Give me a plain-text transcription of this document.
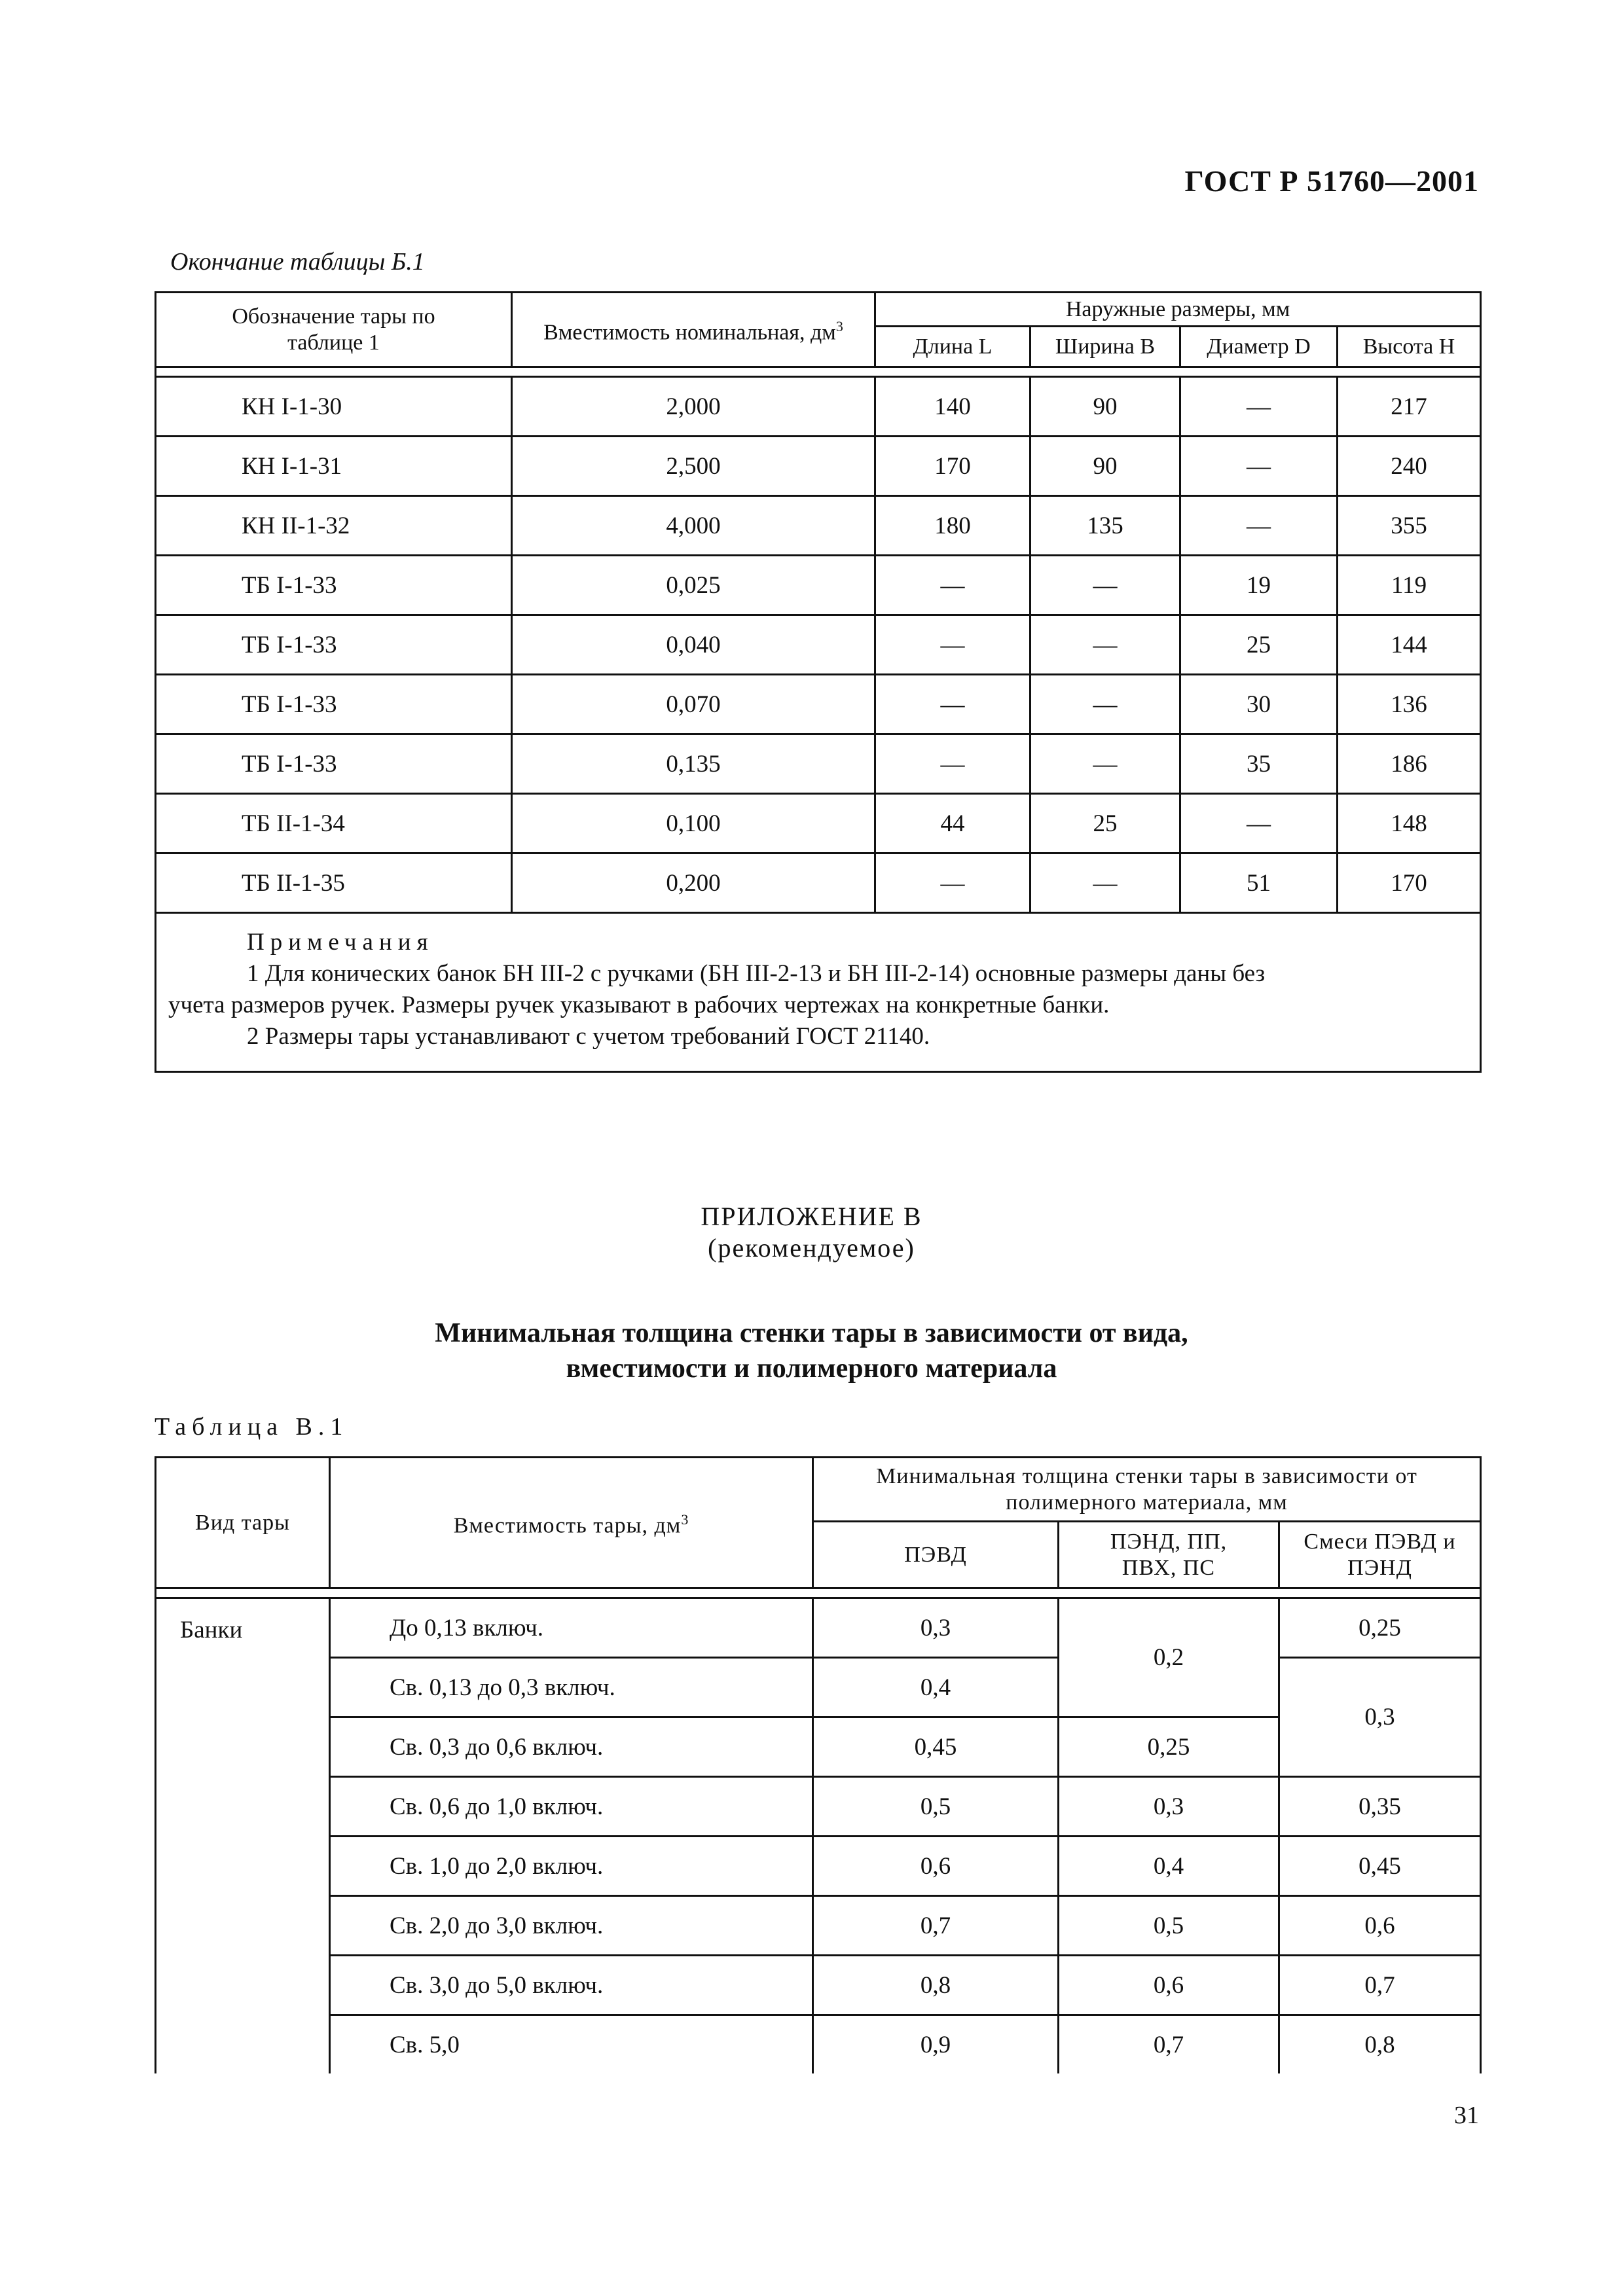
ГОСТ Р 51760—2001
Окончание таблицы Б.1
Обозначение тары по таблице 1	Вместимость номинальная, $дм^3$	Наружные размеры, мм			
		Длина L	Ширина B	Диаметр D	Высота H

КН I-1-30	2,000	140	90	—	217
КН I-1-31	2,500	170	90	—	240
КН II-1-32	4,000	180	135	—	355
ТБ I-1-33	0,025	—	—	19	119
ТБ I-1-33	0,040	—	—	25	144
ТБ I-1-33	0,070	—	—	30	136
ТБ I-1-33	0,135	—	—	35	186
ТБ II-1-34	0,100	44	25	—	148
ТБ II-1-35	0,200	—	—	51	170
Примечания
1 Для конических банок БН III-2 с ручками (БН III-2-13 и БН III-2-14) основные размеры даны без
учета размеров ручек. Размеры ручек указывают в рабочих чертежах на конкретные банки.
2 Размеры тары устанавливают с учетом требований ГОСТ 21140.					
ПРИЛОЖЕНИЕ В
(рекомендуемое)
Минимальная толщина стенки тары в зависимости от вида,
вместимости и полимерного материала
Таблица В.1
Вид тары	Вместимость тары, $дм^3$	Минимальная толщина стенки тары в зависимости от полимерного материала, мм		
		ПЭВД	ПЭНД, ПП, ПВХ, ПС	Смеси ПЭВД и ПЭНД

Банки	До 0,13 включ.	0,3	0,2	0,25
	Св. 0,13 до 0,3 включ.	0,4		0,3
	Св. 0,3 до 0,6 включ.	0,45	0,25	
	Св. 0,6 до 1,0 включ.	0,5	0,3	0,35
	Св. 1,0 до 2,0 включ.	0,6	0,4	0,45
	Св. 2,0 до 3,0 включ.	0,7	0,5	0,6
	Св. 3,0 до 5,0 включ.	0,8	0,6	0,7
	Св. 5,0	0,9	0,7	0,8
31
